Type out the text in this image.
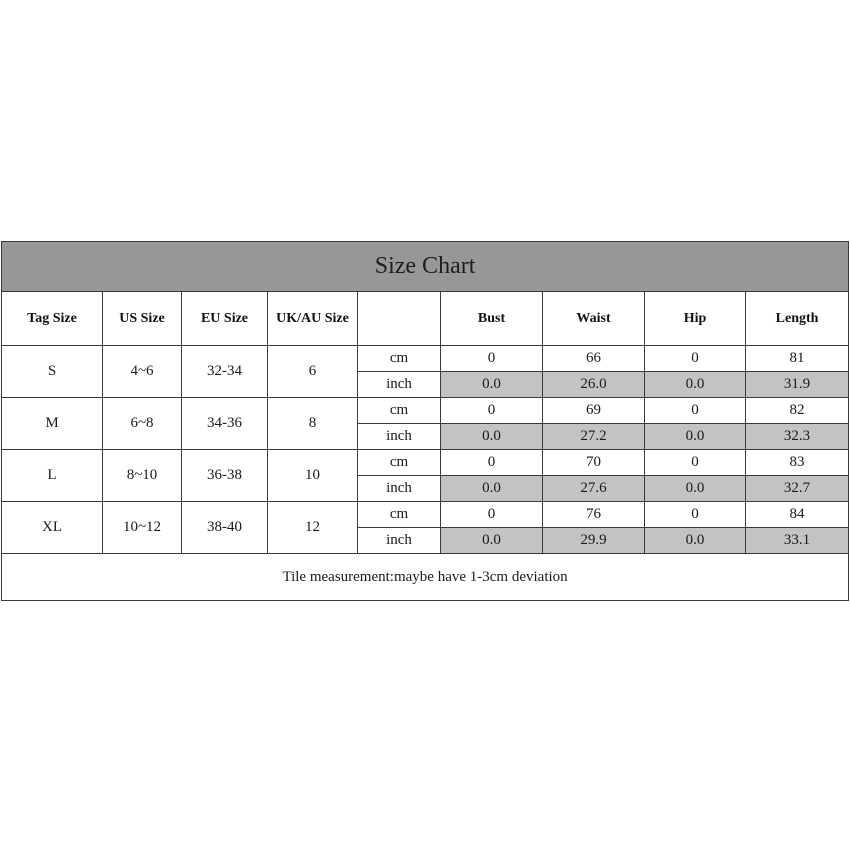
Size Chart								
Tag Size	US Size	EU Size	UK/AU Size		Bust	Waist	Hip	Length
S	4~6	32-34	6	cm	0	66	0	81
				inch	0.0	26.0	0.0	31.9
M	6~8	34-36	8	cm	0	69	0	82
				inch	0.0	27.2	0.0	32.3
L	8~10	36-38	10	cm	0	70	0	83
				inch	0.0	27.6	0.0	32.7
XL	10~12	38-40	12	cm	0	76	0	84
				inch	0.0	29.9	0.0	33.1
Tile measurement:maybe have 1-3cm deviation								
